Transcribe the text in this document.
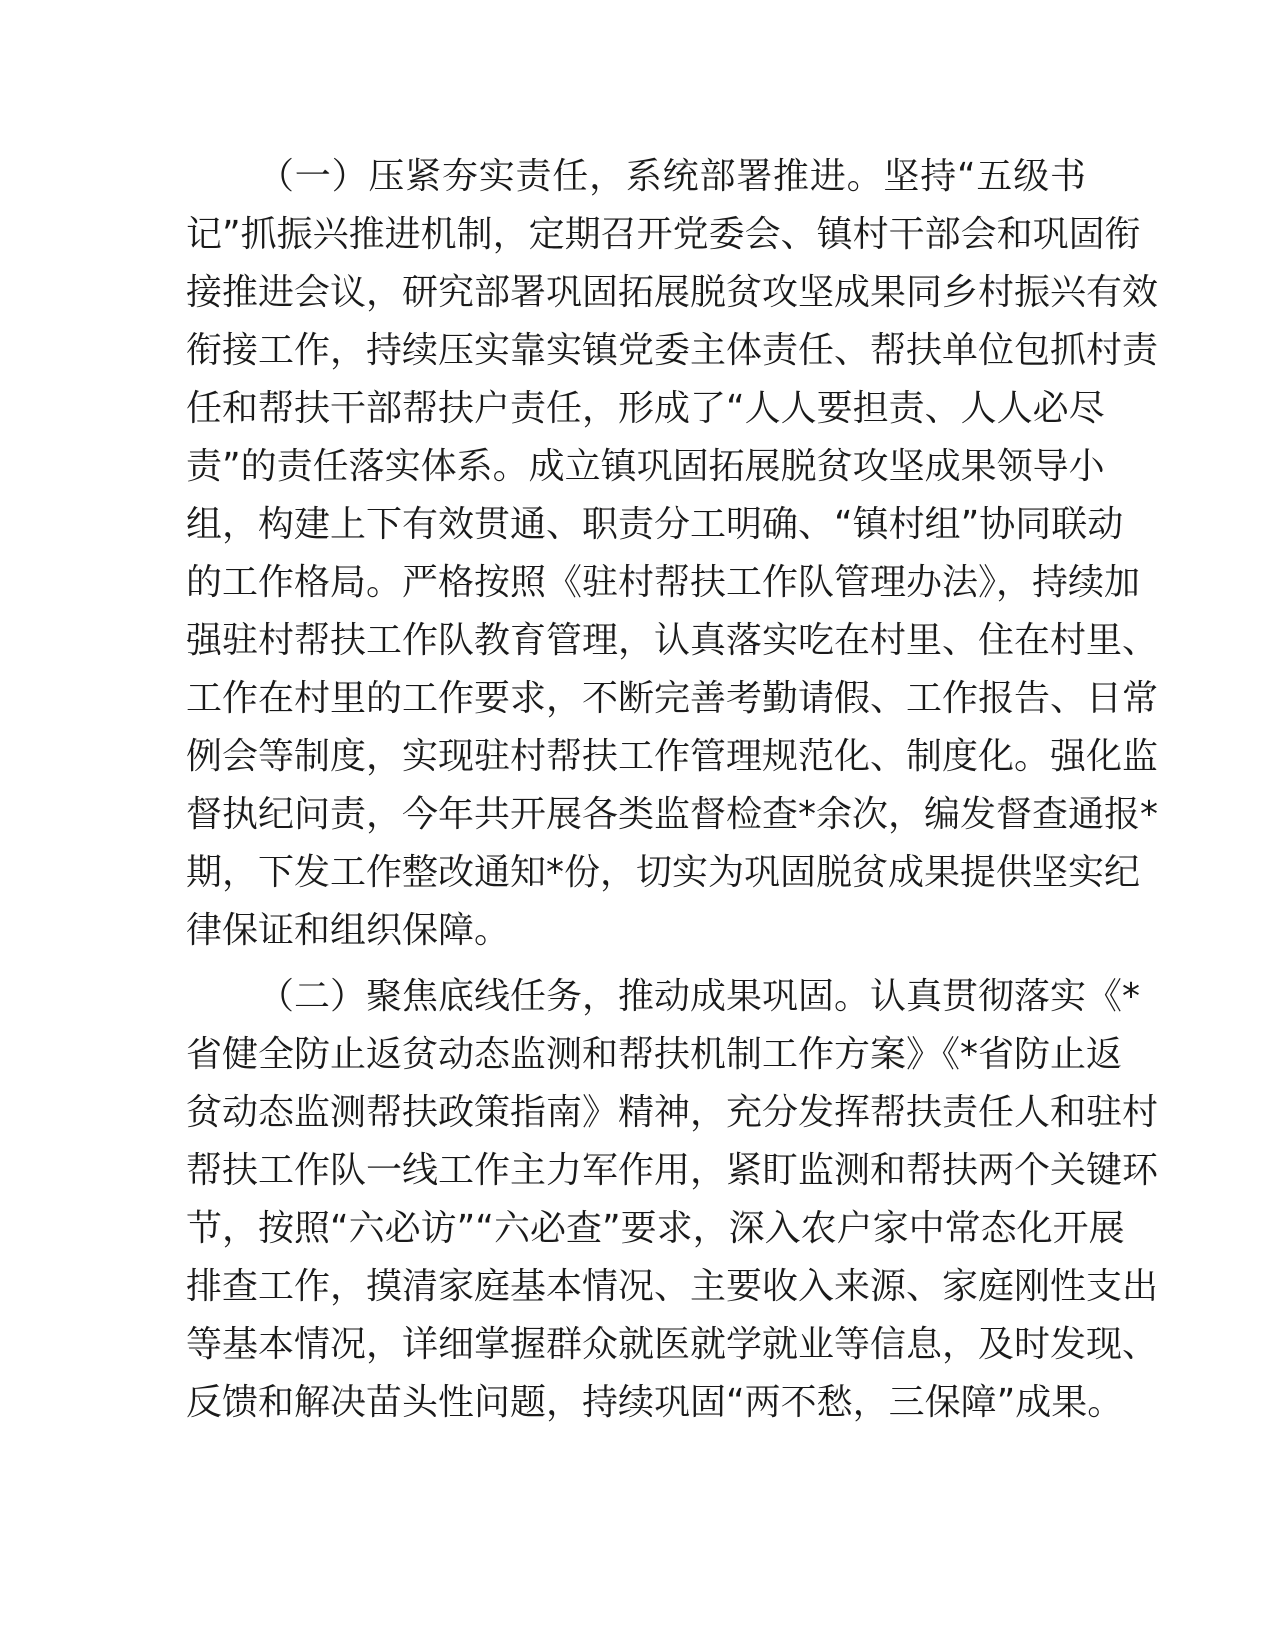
（一）压紧夯实责任，系统部署推进。坚持“五级书
记”抓振兴推进机制，定期召开党委会、镇村干部会和巩固衔
接推进会议，研究部署巩固拓展脱贫攻坚成果同乡村振兴有效
衔接工作，持续压实靠实镇党委主体责任、帮扶单位包抓村责
任和帮扶干部帮扶户责任，形成了“人人要担责、人人必尽
责”的责任落实体系。成立镇巩固拓展脱贫攻坚成果领导小
组，构建上下有效贯通、职责分工明确、“镇村组”协同联动
的工作格局。严格按照《驻村帮扶工作队管理办法》，持续加
强驻村帮扶工作队教育管理，认真落实吃在村里、住在村里、
工作在村里的工作要求，不断完善考勤请假、工作报告、日常
例会等制度，实现驻村帮扶工作管理规范化、制度化。强化监
督执纪问责，今年共开展各类监督检查*余次，编发督查通报*
期，下发工作整改通知*份，切实为巩固脱贫成果提供坚实纪
律保证和组织保障。
（二）聚焦底线任务，推动成果巩固。认真贯彻落实《*
省健全防止返贫动态监测和帮扶机制工作方案》《*省防止返
贫动态监测帮扶政策指南》精神，充分发挥帮扶责任人和驻村
帮扶工作队一线工作主力军作用，紧盯监测和帮扶两个关键环
节，按照“六必访”“六必查”要求，深入农户家中常态化开展
排查工作，摸清家庭基本情况、主要收入来源、家庭刚性支出
等基本情况，详细掌握群众就医就学就业等信息，及时发现、
反馈和解决苗头性问题，持续巩固“两不愁，三保障”成果。
